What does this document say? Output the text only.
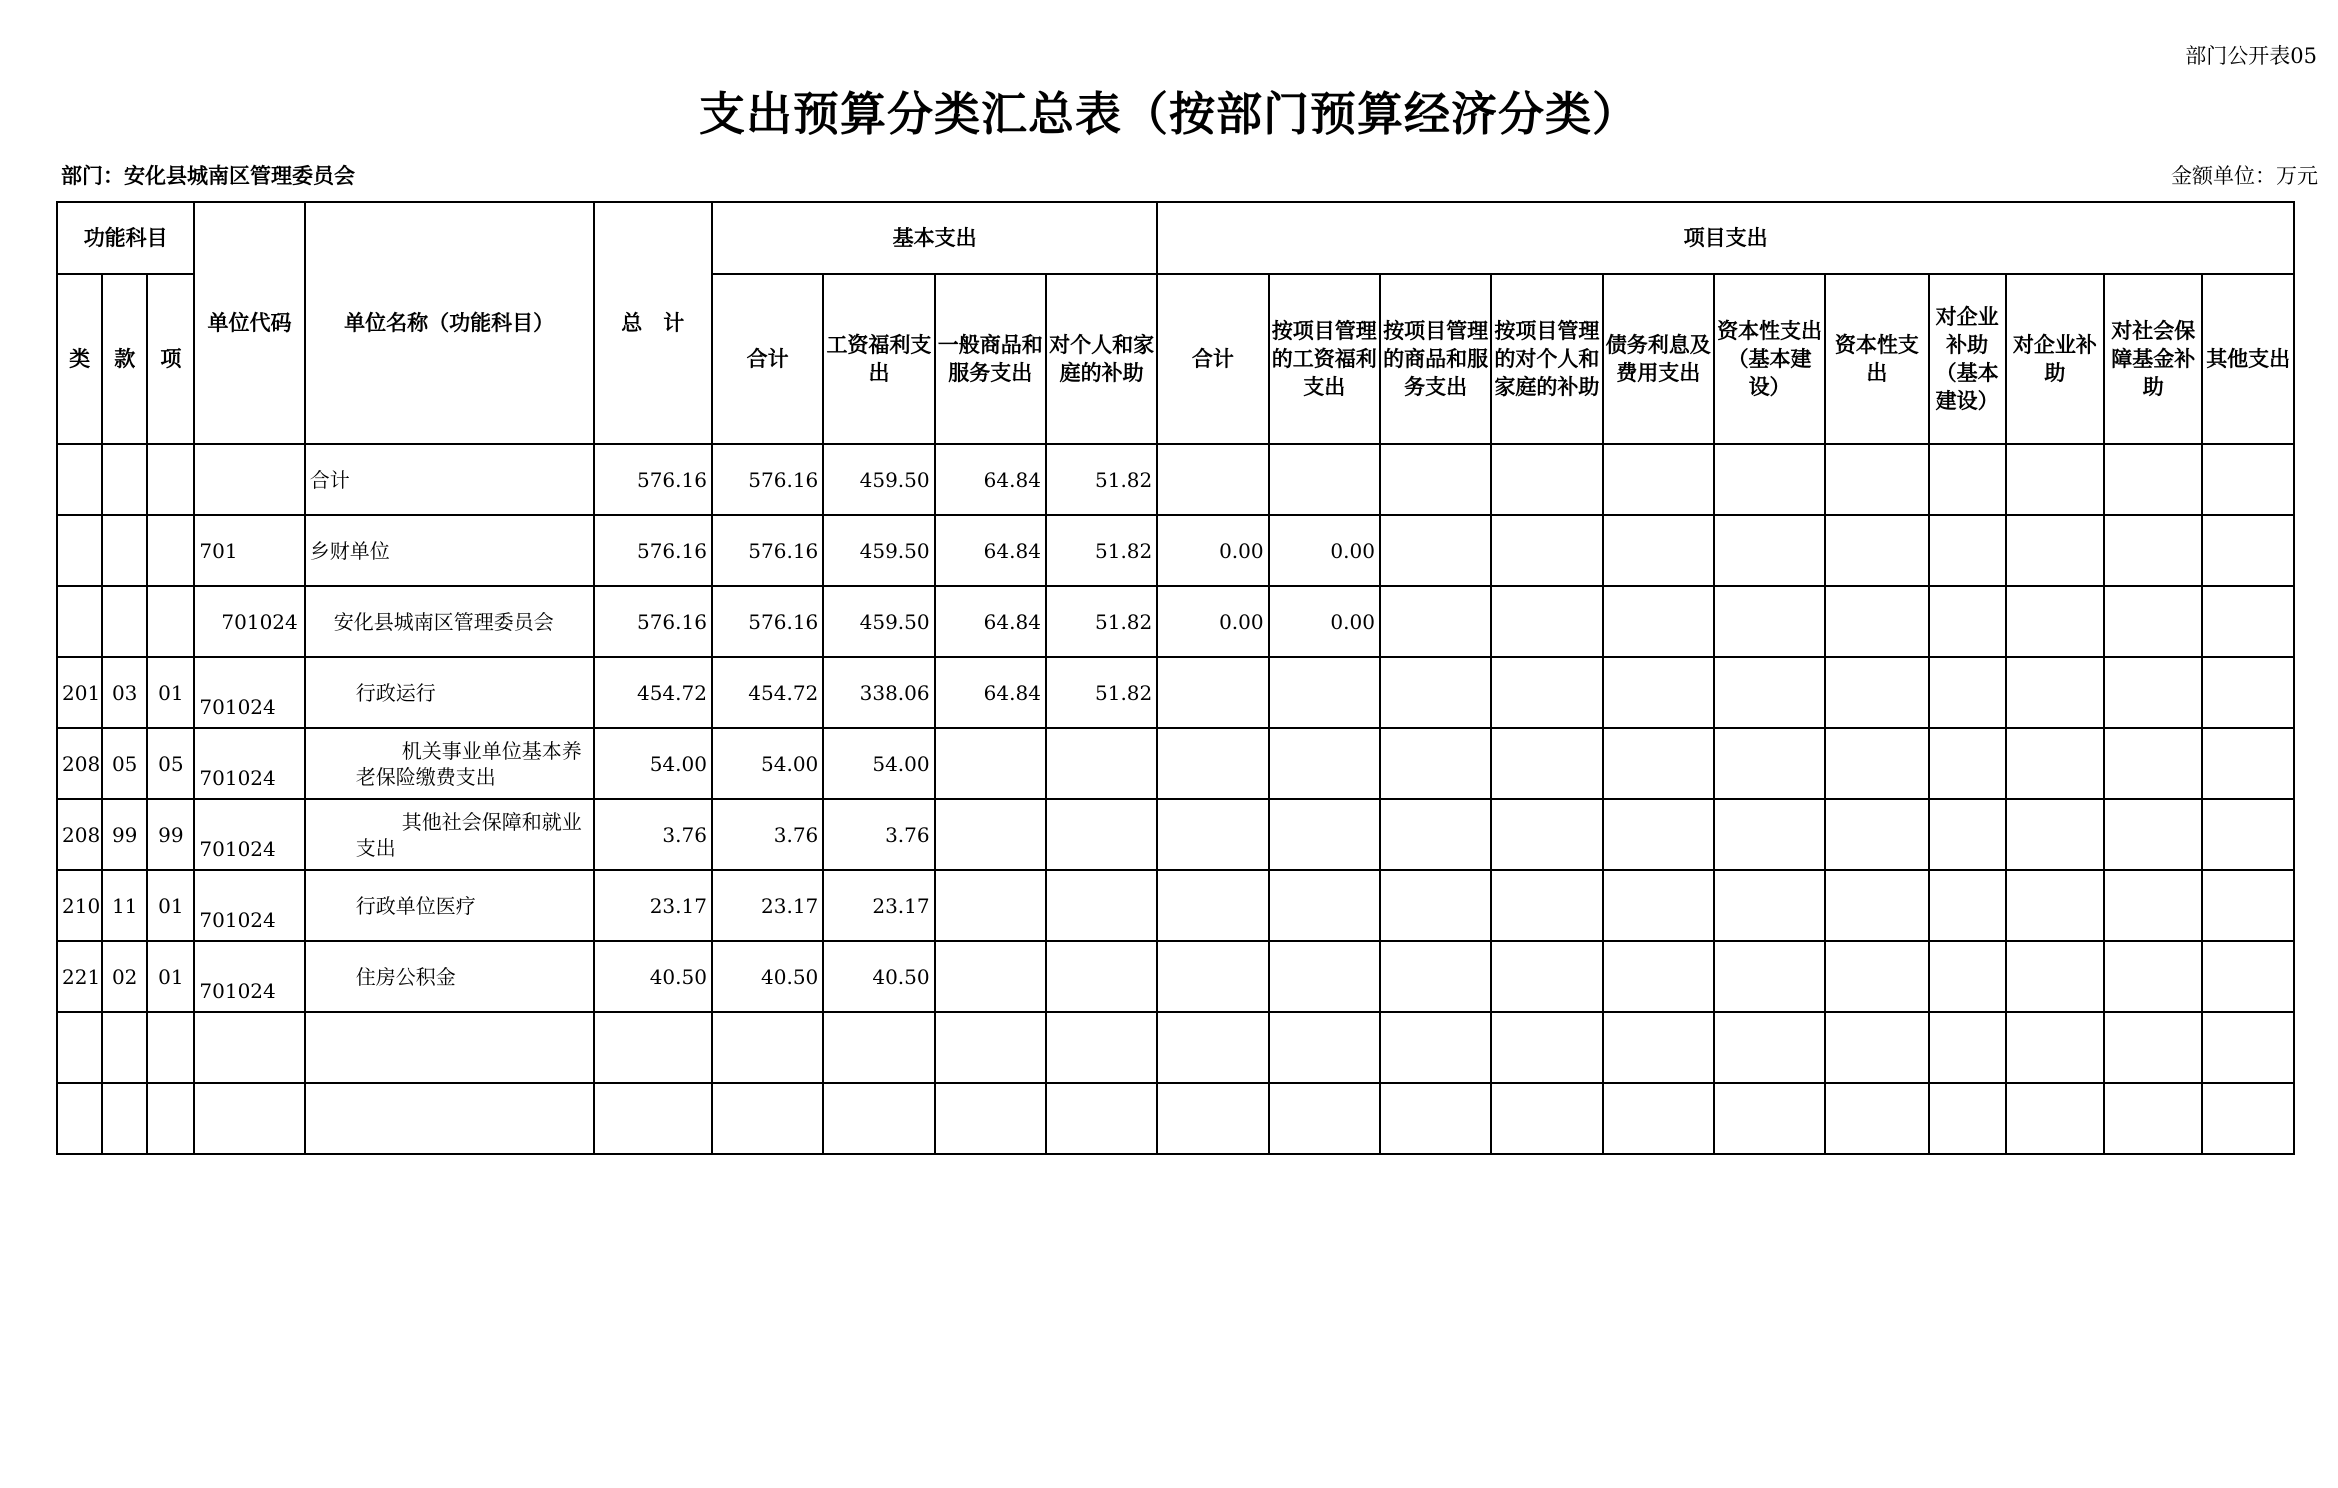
部门公开表05
支出预算分类汇总表（按部门预算经济分类）
部门：安化县城南区管理委员会	金额单位：万元
功能科目			单位代码	单位名称（功能科目）	总　计	基本支出				项目支出										
类	款	项				合计	工资福利支出	一般商品和服务支出	对个人和家庭的补助	合计	按项目管理的工资福利支出	按项目管理的商品和服务支出	按项目管理的对个人和家庭的补助	债务利息及费用支出	资本性支出（基本建设）	资本性支出	对企业补助（基本建设）	对企业补助	对社会保障基金补助	其他支出
				合计	576.16	576.16	459.50	64.84	51.82											
			701	乡财单位	576.16	576.16	459.50	64.84	51.82	0.00	0.00									
			701024	安化县城南区管理委员会	576.16	576.16	459.50	64.84	51.82	0.00	0.00									
201	03	01	701024	行政运行	454.72	454.72	338.06	64.84	51.82											
208	05	05	701024	机关事业单位基本养老保险缴费支出	54.00	54.00	54.00													
208	99	99	701024	其他社会保障和就业支出	3.76	3.76	3.76													
210	11	01	701024	行政单位医疗	23.17	23.17	23.17													
221	02	01	701024	住房公积金	40.50	40.50	40.50													
